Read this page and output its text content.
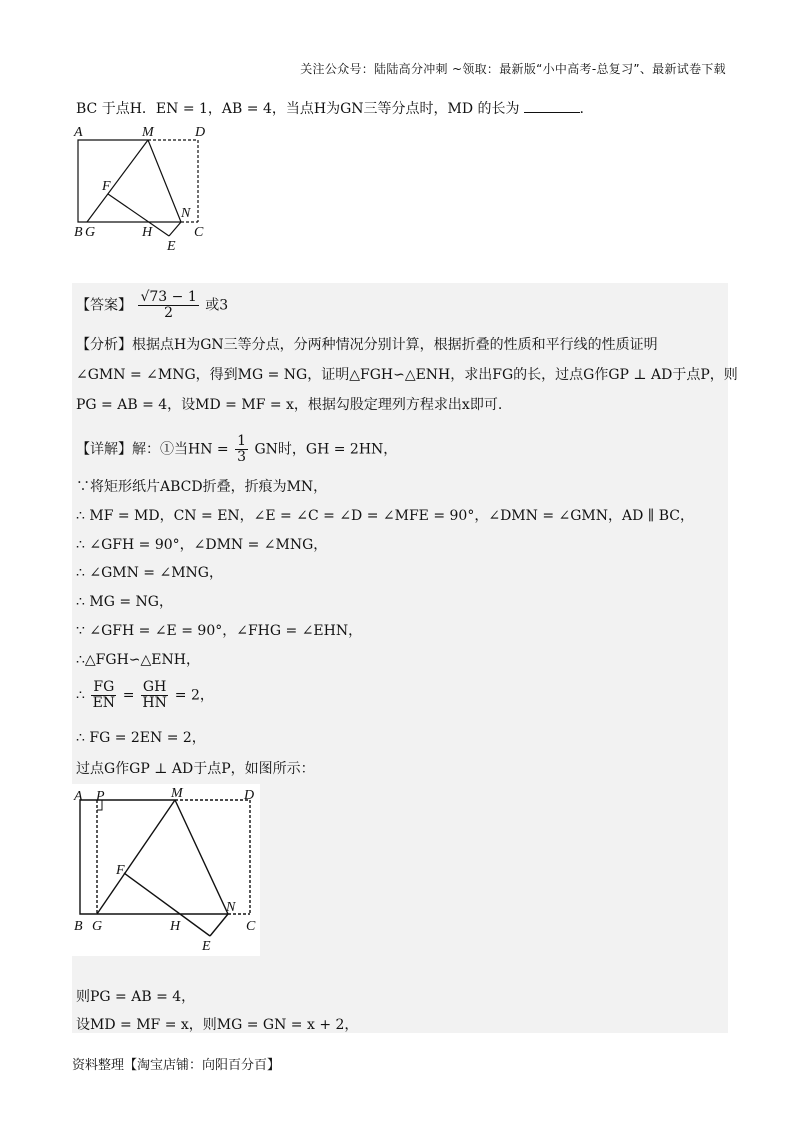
关注公众号：陆陆高分冲刺 ~领取：最新版“小中高考-总复习”、最新试卷下载
BC 于点H．EN = 1，AB = 4，当点H为GN三等分点时，MD 的长为	.
A	M	D
F
N
B G	H	C
E
【答案】 $\frac{√73 - 1}{2}$ 或3
【分析】根据点H为GN三等分点，分两种情况分别计算，根据折叠的性质和平行线的性质证明
∠GMN = ∠MNG，得到MG = NG，证明△FGH∽△ENH，求出FG的长，过点G作GP ⊥ AD于点P，则
PG = AB = 4，设MD = MF = x，根据勾股定理列方程求出x即可.
【详解】解：①当HN = $\frac{1}{3}$ GN时，GH = 2HN，
∵将矩形纸片ABCD折叠，折痕为MN，
∴ MF = MD，CN = EN，∠E = ∠C = ∠D = ∠MFE = 90°，∠DMN = ∠GMN，AD ∥ BC，
∴ ∠GFH = 90°，∠DMN = ∠MNG，
∴ ∠GMN = ∠MNG，
∴ MG = NG，
∵ ∠GFH = ∠E = 90°，∠FHG = ∠EHN，
∴△FGH∽△ENH，
∴ $\frac{FG}{EN} = \frac{GH}{HN} = 2$，
∴ FG = 2EN = 2，
过点G作GP ⊥ AD于点P，如图所示：
A P	M	D
F
N
B G	H	C
E
则PG = AB = 4，
设MD = MF = x，则MG = GN = x + 2，
资料整理【淘宝店铺：向阳百分百】
